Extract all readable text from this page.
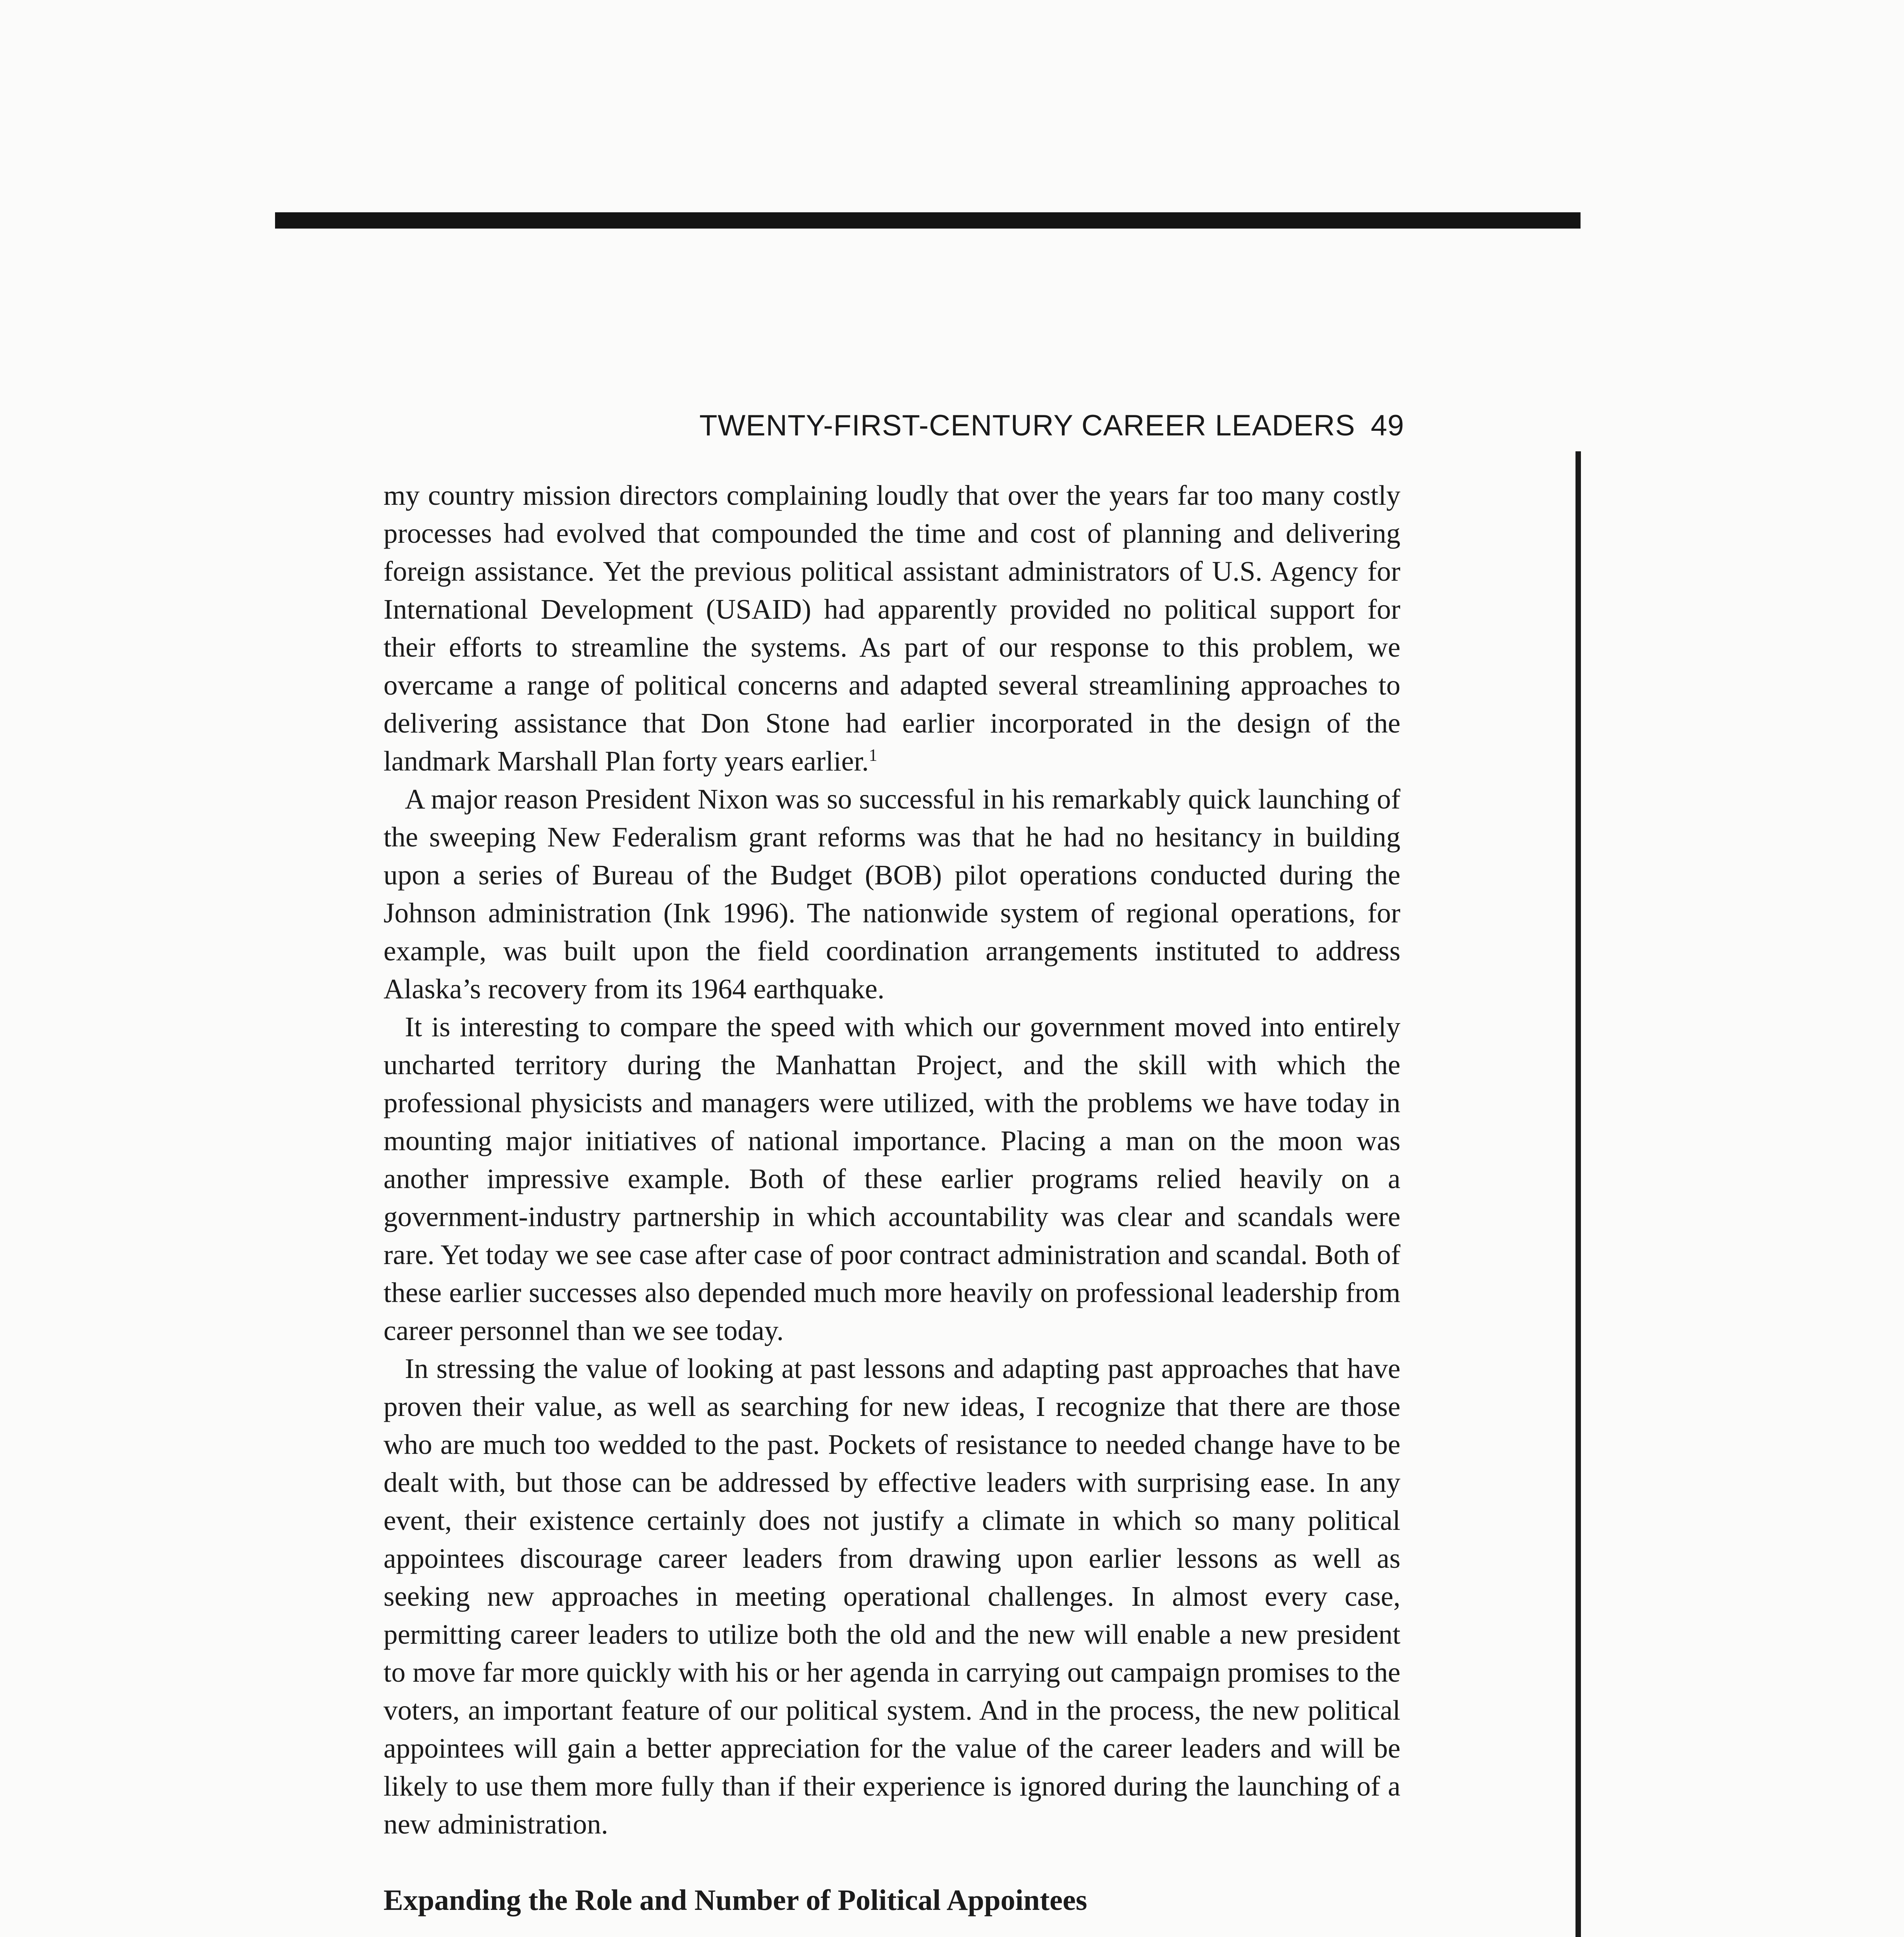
TWENTY-FIRST-CENTURY CAREER LEADERS 49

my country mission directors complaining loudly that over the years far too many costly processes had evolved that compounded the time and cost of planning and delivering foreign assistance. Yet the previous political assistant administrators of U.S. Agency for International Development (USAID) had apparently provided no political support for their efforts to streamline the systems. As part of our response to this problem, we overcame a range of political concerns and adapted several streamlining approaches to delivering assistance that Don Stone had earlier incorporated in the design of the landmark Marshall Plan forty years earlier.$^1$

A major reason President Nixon was so successful in his remarkably quick launching of the sweeping New Federalism grant reforms was that he had no hesitancy in building upon a series of Bureau of the Budget (BOB) pilot operations conducted during the Johnson administration (Ink 1996). The nationwide system of regional operations, for example, was built upon the field coordination arrangements instituted to address Alaska’s recovery from its 1964 earthquake.

It is interesting to compare the speed with which our government moved into entirely uncharted territory during the Manhattan Project, and the skill with which the professional physicists and managers were utilized, with the problems we have today in mounting major initiatives of national importance. Placing a man on the moon was another impressive example. Both of these earlier programs relied heavily on a government-industry partnership in which accountability was clear and scandals were rare. Yet today we see case after case of poor contract administration and scandal. Both of these earlier successes also depended much more heavily on professional leadership from career personnel than we see today.

In stressing the value of looking at past lessons and adapting past approaches that have proven their value, as well as searching for new ideas, I recognize that there are those who are much too wedded to the past. Pockets of resistance to needed change have to be dealt with, but those can be addressed by effective leaders with surprising ease. In any event, their existence certainly does not justify a climate in which so many political appointees discourage career leaders from drawing upon earlier lessons as well as seeking new approaches in meeting operational challenges. In almost every case, permitting career leaders to utilize both the old and the new will enable a new president to move far more quickly with his or her agenda in carrying out campaign promises to the voters, an important feature of our political system. And in the process, the new political appointees will gain a better appreciation for the value of the career leaders and will be likely to use them more fully than if their experience is ignored during the launching of a new administration.

Expanding the Role and Number of Political Appointees
